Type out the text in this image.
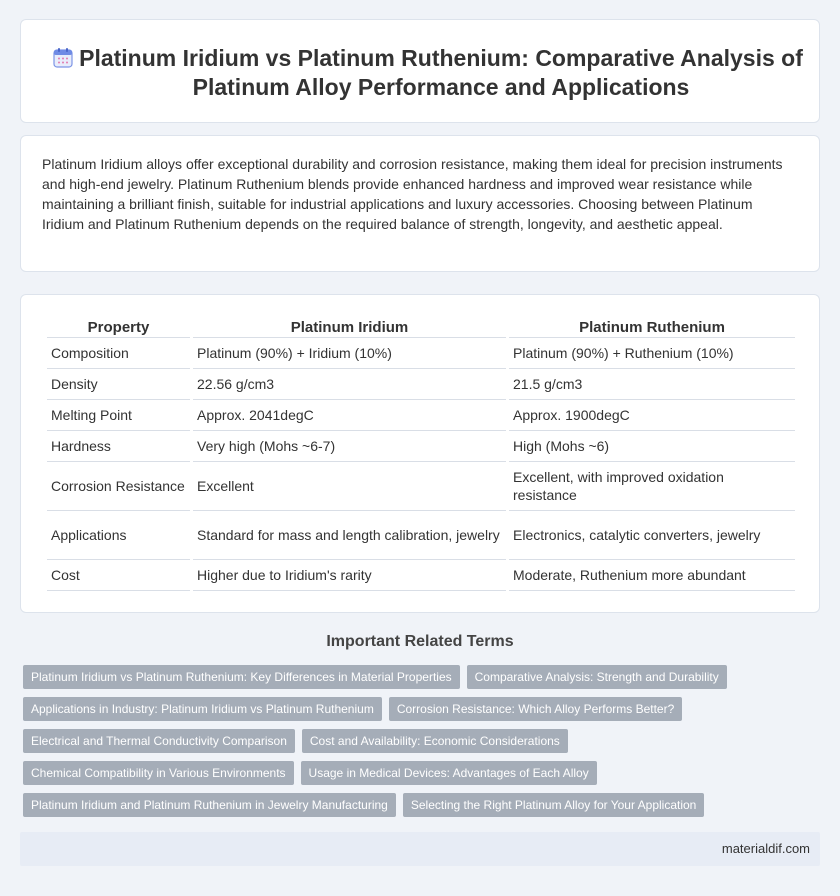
Platinum Iridium vs Platinum Ruthenium: Comparative Analysis of Platinum Alloy Performance and Applications

Platinum Iridium alloys offer exceptional durability and corrosion resistance, making them ideal for precision instruments and high-end jewelry. Platinum Ruthenium blends provide enhanced hardness and improved wear resistance while maintaining a brilliant finish, suitable for industrial applications and luxury accessories. Choosing between Platinum Iridium and Platinum Ruthenium depends on the required balance of strength, longevity, and aesthetic appeal.

Property	Platinum Iridium	Platinum Ruthenium
Composition	Platinum (90%) + Iridium (10%)	Platinum (90%) + Ruthenium (10%)
Density	22.56 g/cm3	21.5 g/cm3
Melting Point	Approx. 2041degC	Approx. 1900degC
Hardness	Very high (Mohs ~6-7)	High (Mohs ~6)
Corrosion Resistance	Excellent	Excellent, with improved oxidation resistance
Applications	Standard for mass and length calibration, jewelry	Electronics, catalytic converters, jewelry
Cost	Higher due to Iridium's rarity	Moderate, Ruthenium more abundant
Important Related Terms
Platinum Iridium vs Platinum Ruthenium: Key Differences in Material Properties	Comparative Analysis: Strength and Durability
Applications in Industry: Platinum Iridium vs Platinum Ruthenium	Corrosion Resistance: Which Alloy Performs Better?
Electrical and Thermal Conductivity Comparison	Cost and Availability: Economic Considerations
Chemical Compatibility in Various Environments	Usage in Medical Devices: Advantages of Each Alloy
Platinum Iridium and Platinum Ruthenium in Jewelry Manufacturing	Selecting the Right Platinum Alloy for Your Application
materialdif.com
